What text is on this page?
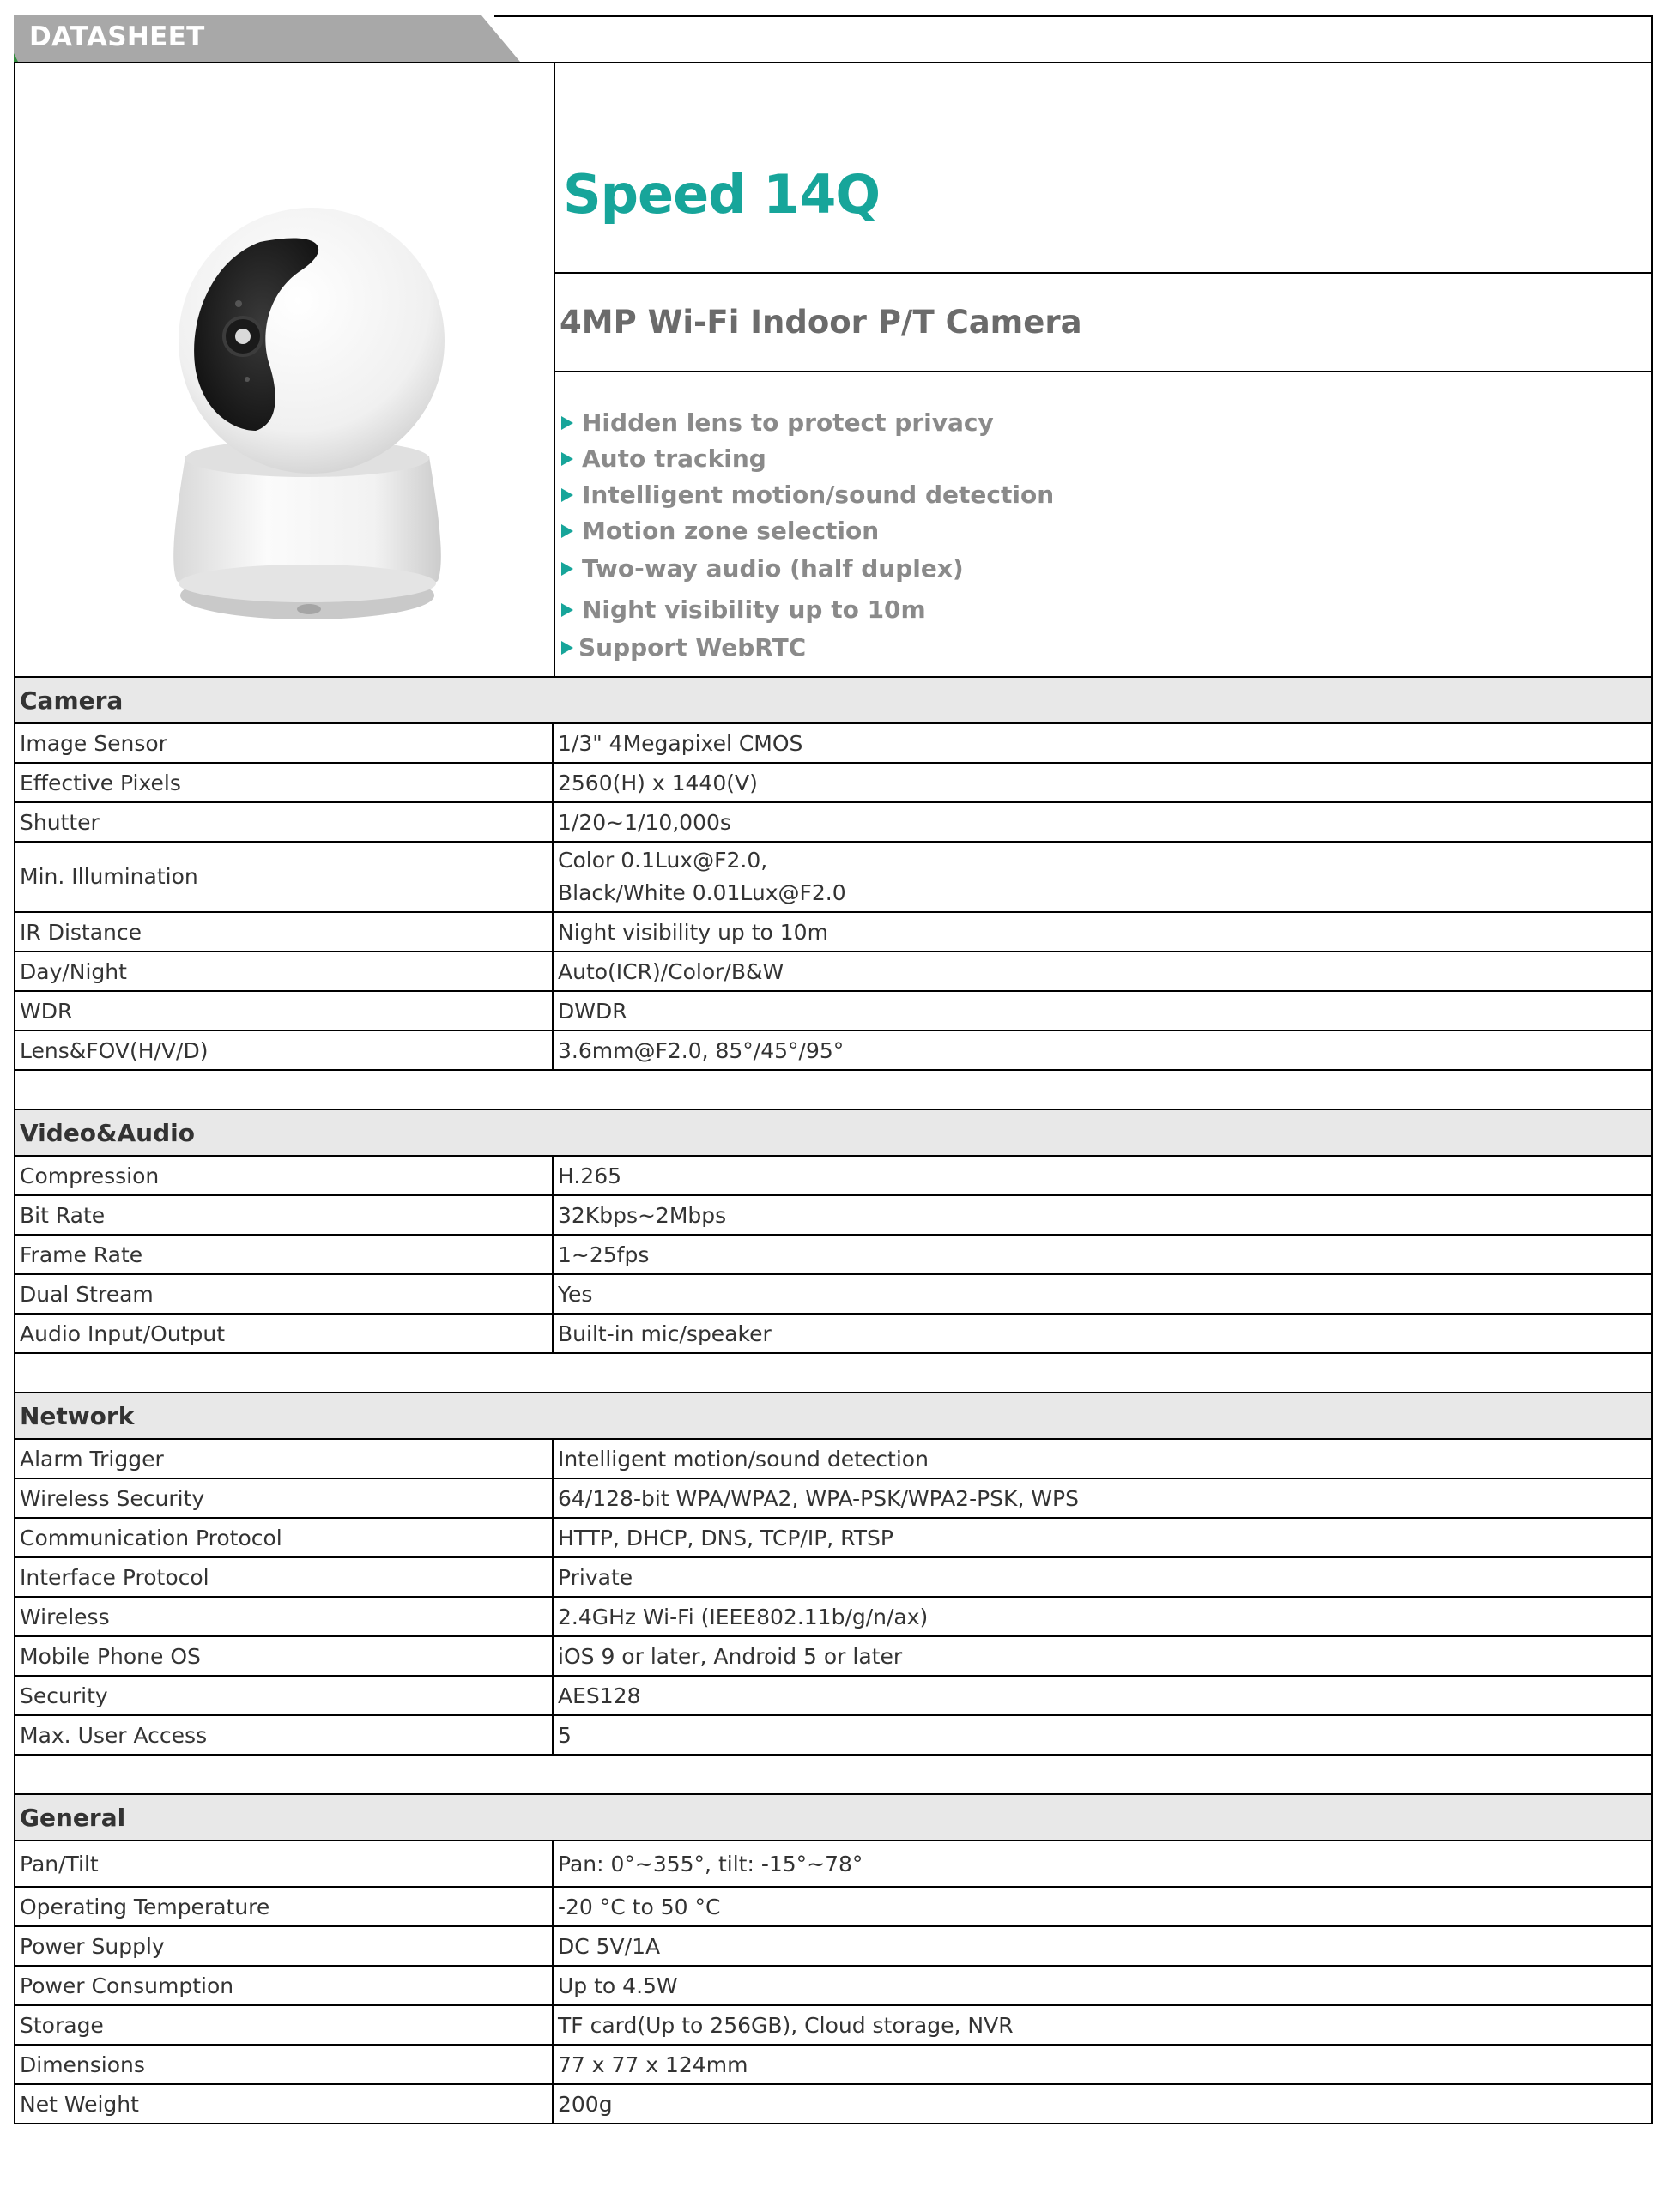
DATASHEET
Speed 14Q
4MP Wi-Fi Indoor P/T Camera
Hidden lens to protect privacy
Auto tracking
Intelligent motion/sound detection
Motion zone selection
Two-way audio (half duplex)
Night visibility up to 10m
Support WebRTC
Camera	
Image Sensor	1/3" 4Megapixel CMOS
Effective Pixels	2560(H) x 1440(V)
Shutter	1/20~1/10,000s
Min. Illumination	Color 0.1Lux@F2.0,
Black/White 0.01Lux@F2.0

IR Distance	Night visibility up to 10m
Day/Night	Auto(ICR)/Color/B&W
WDR	DWDR
Lens&FOV(H/V/D)	3.6mm@F2.0, 85°/45°/95°

Video&Audio	
Compression	H.265
Bit Rate	32Kbps~2Mbps
Frame Rate	1~25fps
Dual Stream	Yes
Audio Input/Output	Built-in mic/speaker

Network	
Alarm Trigger	Intelligent motion/sound detection
Wireless Security	64/128-bit WPA/WPA2, WPA-PSK/WPA2-PSK, WPS
Communication Protocol	HTTP, DHCP, DNS, TCP/IP, RTSP
Interface Protocol	Private
Wireless	2.4GHz Wi-Fi (IEEE802.11b/g/n/ax)
Mobile Phone OS	iOS 9 or later, Android 5 or later
Security	AES128
Max. User Access	5

General	
Pan/Tilt	Pan: 0°~355°, tilt: -15°~78°
Operating Temperature	-20 °C to 50 °C
Power Supply	DC 5V/1A
Power Consumption	Up to 4.5W
Storage	TF card(Up to 256GB), Cloud storage, NVR
Dimensions	77 x 77 x 124mm
Net Weight	200g
